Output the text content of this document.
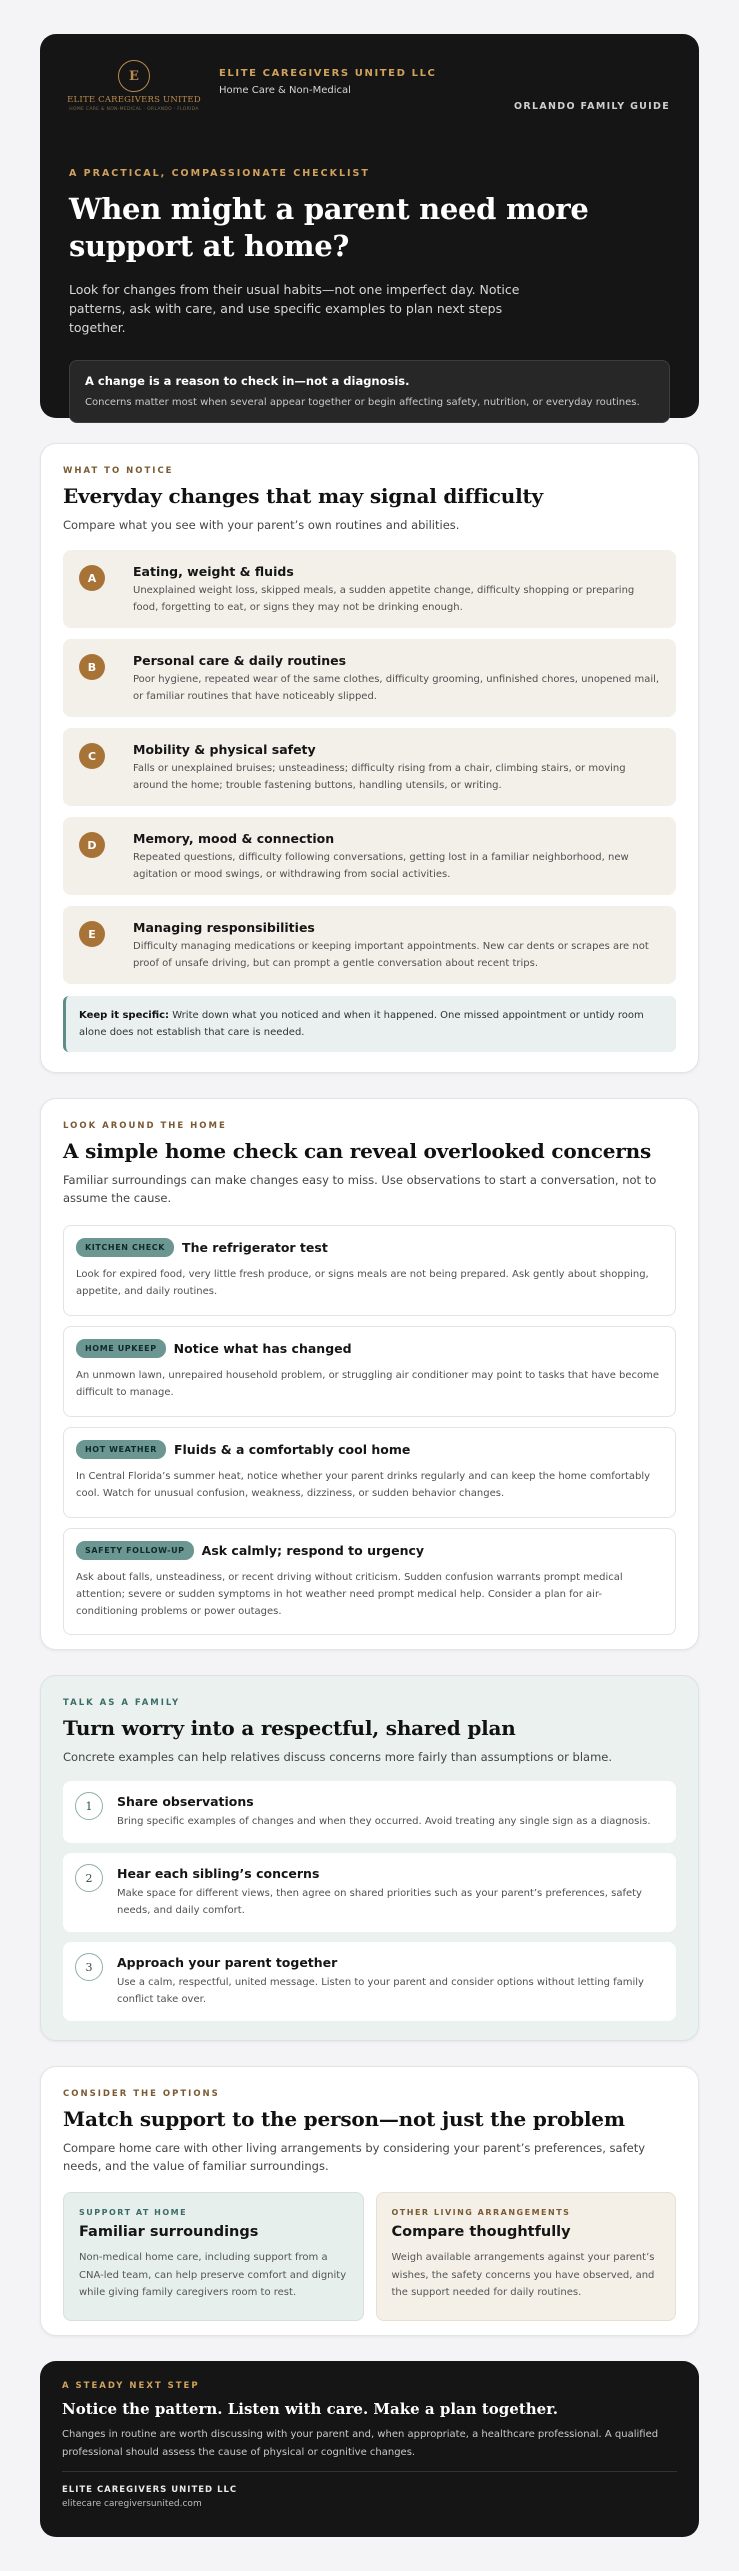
E
ELITE CAREGIVERS UNITED
HOME CARE & NON-MEDICAL · ORLANDO · FLORIDA
ELITE CAREGIVERS UNITED LLC
Home Care & Non-Medical
ORLANDO FAMILY GUIDE
A PRACTICAL, COMPASSIONATE CHECKLIST
When might a parent need more support at home?

Look for changes from their usual habits—not one imperfect day. Notice patterns, ask with care, and use specific examples to plan next steps together.

A change is a reason to check in—not a diagnosis.
Concerns matter most when several appear together or begin affecting safety, nutrition, or everyday routines.
WHAT TO NOTICE
Everyday changes that may signal difficulty

Compare what you see with your parent’s own routines and abilities.

A	Eating, weight & fluids
Unexplained weight loss, skipped meals, a sudden appetite change, difficulty shopping or preparing food, forgetting to eat, or signs they may not be drinking enough.
B	Personal care & daily routines
Poor hygiene, repeated wear of the same clothes, difficulty grooming, unfinished chores, unopened mail, or familiar routines that have noticeably slipped.
C	Mobility & physical safety
Falls or unexplained bruises; unsteadiness; difficulty rising from a chair, climbing stairs, or moving around the home; trouble fastening buttons, handling utensils, or writing.
D	Memory, mood & connection
Repeated questions, difficulty following conversations, getting lost in a familiar neighborhood, new agitation or mood swings, or withdrawing from social activities.
E	Managing responsibilities
Difficulty managing medications or keeping important appointments. New car dents or scrapes are not proof of unsafe driving, but can prompt a gentle conversation about recent trips.
Keep it specific: Write down what you noticed and when it happened. One missed appointment or untidy room alone does not establish that care is needed.
LOOK AROUND THE HOME
A simple home check can reveal overlooked concerns

Familiar surroundings can make changes easy to miss. Use observations to start a conversation, not to assume the cause.

KITCHEN CHECK	The refrigerator test
Look for expired food, very little fresh produce, or signs meals are not being prepared. Ask gently about shopping, appetite, and daily routines.
HOME UPKEEP	Notice what has changed
An unmown lawn, unrepaired household problem, or struggling air conditioner may point to tasks that have become difficult to manage.
HOT WEATHER	Fluids & a comfortably cool home
In Central Florida’s summer heat, notice whether your parent drinks regularly and can keep the home comfortably cool. Watch for unusual confusion, weakness, dizziness, or sudden behavior changes.
SAFETY FOLLOW-UP	Ask calmly; respond to urgency
Ask about falls, unsteadiness, or recent driving without criticism. Sudden confusion warrants prompt medical attention; severe or sudden symptoms in hot weather need prompt medical help. Consider a plan for air-conditioning problems or power outages.
TALK AS A FAMILY
Turn worry into a respectful, shared plan

Concrete examples can help relatives discuss concerns more fairly than assumptions or blame.

1	Share observations
Bring specific examples of changes and when they occurred. Avoid treating any single sign as a diagnosis.
2	Hear each sibling’s concerns
Make space for different views, then agree on shared priorities such as your parent’s preferences, safety needs, and daily comfort.
3	Approach your parent together
Use a calm, respectful, united message. Listen to your parent and consider options without letting family conflict take over.
CONSIDER THE OPTIONS
Match support to the person—not just the problem

Compare home care with other living arrangements by considering your parent’s preferences, safety needs, and the value of familiar surroundings.

SUPPORT AT HOME
Familiar surroundings
Non-medical home care, including support from a CNA-led team, can help preserve comfort and dignity while giving family caregivers room to rest.
OTHER LIVING ARRANGEMENTS
Compare thoughtfully
Weigh available arrangements against your parent’s wishes, the safety concerns you have observed, and the support needed for daily routines.
A STEADY NEXT STEP
Notice the pattern. Listen with care. Make a plan together.
Changes in routine are worth discussing with your parent and, when appropriate, a healthcare professional. A qualified professional should assess the cause of physical or cognitive changes.
ELITE CAREGIVERS UNITED LLC
elitecare caregiversunited.com
